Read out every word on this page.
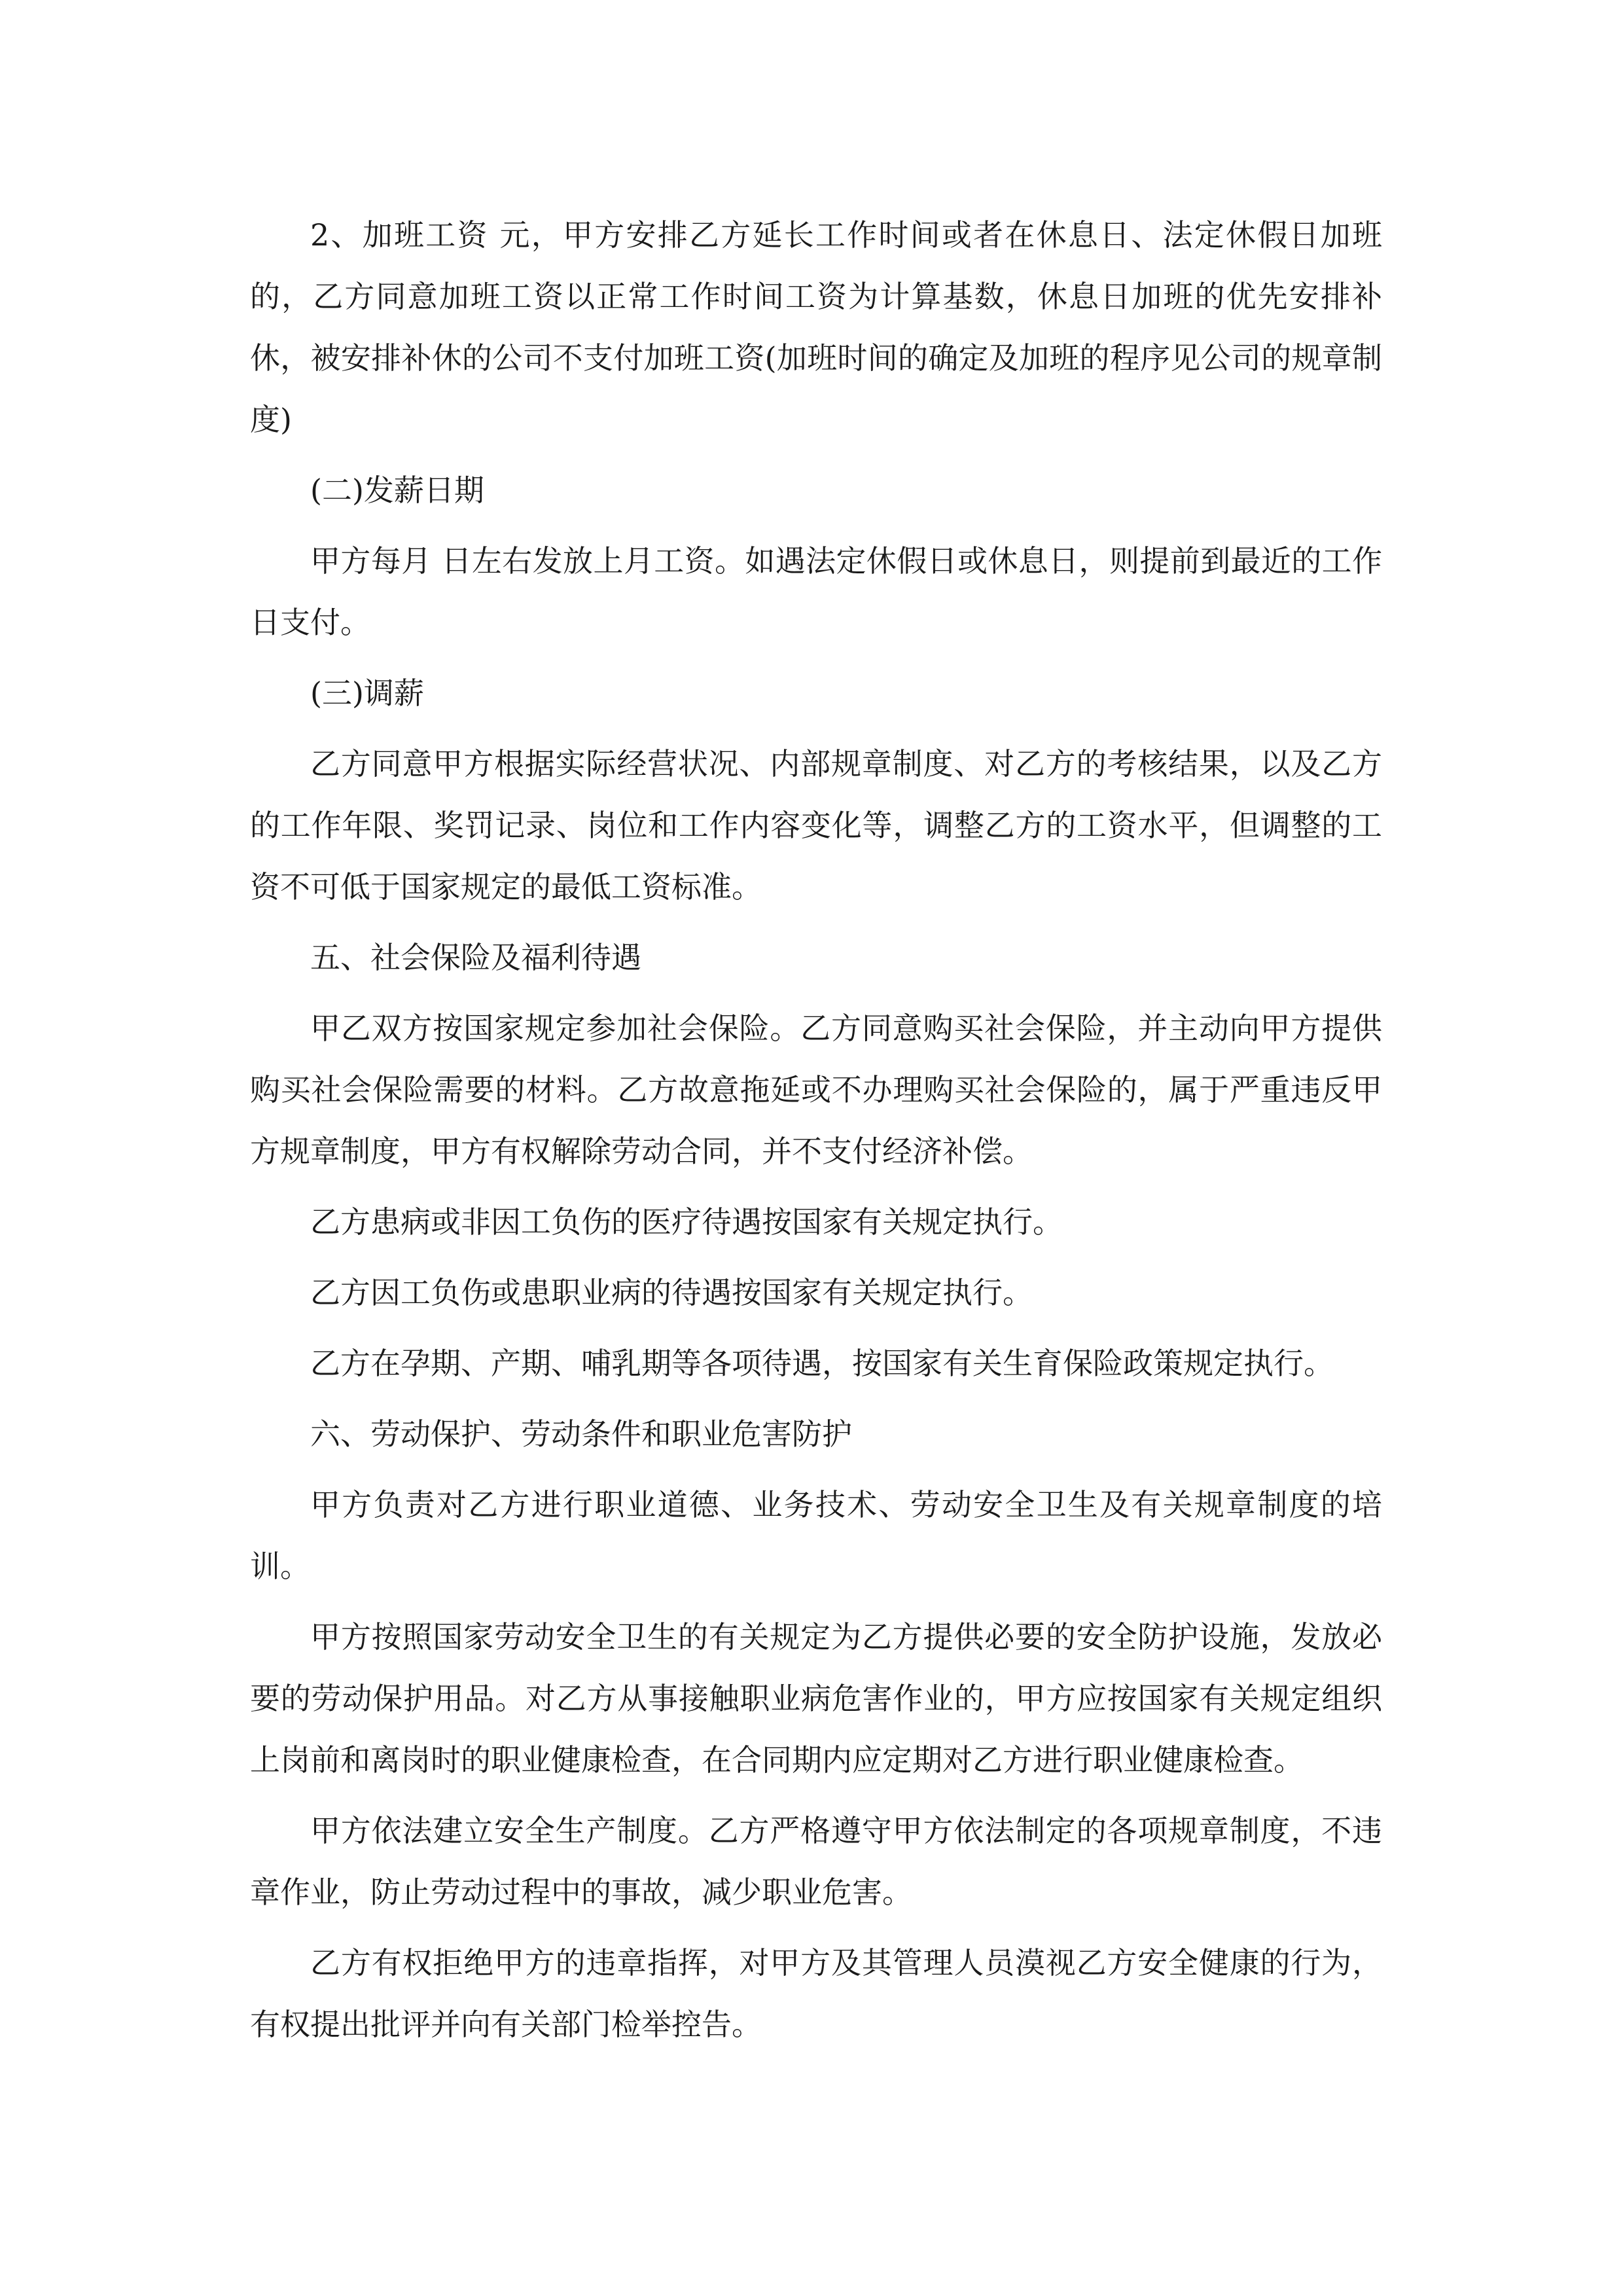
2、加班工资 元，甲方安排乙方延长工作时间或者在休息日、法定休假日加班的，乙方同意加班工资以正常工作时间工资为计算基数，休息日加班的优先安排补休，被安排补休的公司不支付加班工资(加班时间的确定及加班的程序见公司的规章制度)

(二)发薪日期

甲方每月 日左右发放上月工资。如遇法定休假日或休息日，则提前到最近的工作日支付。

(三)调薪

乙方同意甲方根据实际经营状况、内部规章制度、对乙方的考核结果，以及乙方的工作年限、奖罚记录、岗位和工作内容变化等，调整乙方的工资水平，但调整的工资不可低于国家规定的最低工资标准。

五、社会保险及福利待遇

甲乙双方按国家规定参加社会保险。乙方同意购买社会保险，并主动向甲方提供购买社会保险需要的材料。乙方故意拖延或不办理购买社会保险的，属于严重违反甲方规章制度，甲方有权解除劳动合同，并不支付经济补偿。

乙方患病或非因工负伤的医疗待遇按国家有关规定执行。

乙方因工负伤或患职业病的待遇按国家有关规定执行。

乙方在孕期、产期、哺乳期等各项待遇，按国家有关生育保险政策规定执行。

六、劳动保护、劳动条件和职业危害防护

甲方负责对乙方进行职业道德、业务技术、劳动安全卫生及有关规章制度的培训。

甲方按照国家劳动安全卫生的有关规定为乙方提供必要的安全防护设施，发放必要的劳动保护用品。对乙方从事接触职业病危害作业的，甲方应按国家有关规定组织上岗前和离岗时的职业健康检查，在合同期内应定期对乙方进行职业健康检查。

甲方依法建立安全生产制度。乙方严格遵守甲方依法制定的各项规章制度，不违章作业，防止劳动过程中的事故，减少职业危害。

乙方有权拒绝甲方的违章指挥，对甲方及其管理人员漠视乙方安全健康的行为，有权提出批评并向有关部门检举控告。
